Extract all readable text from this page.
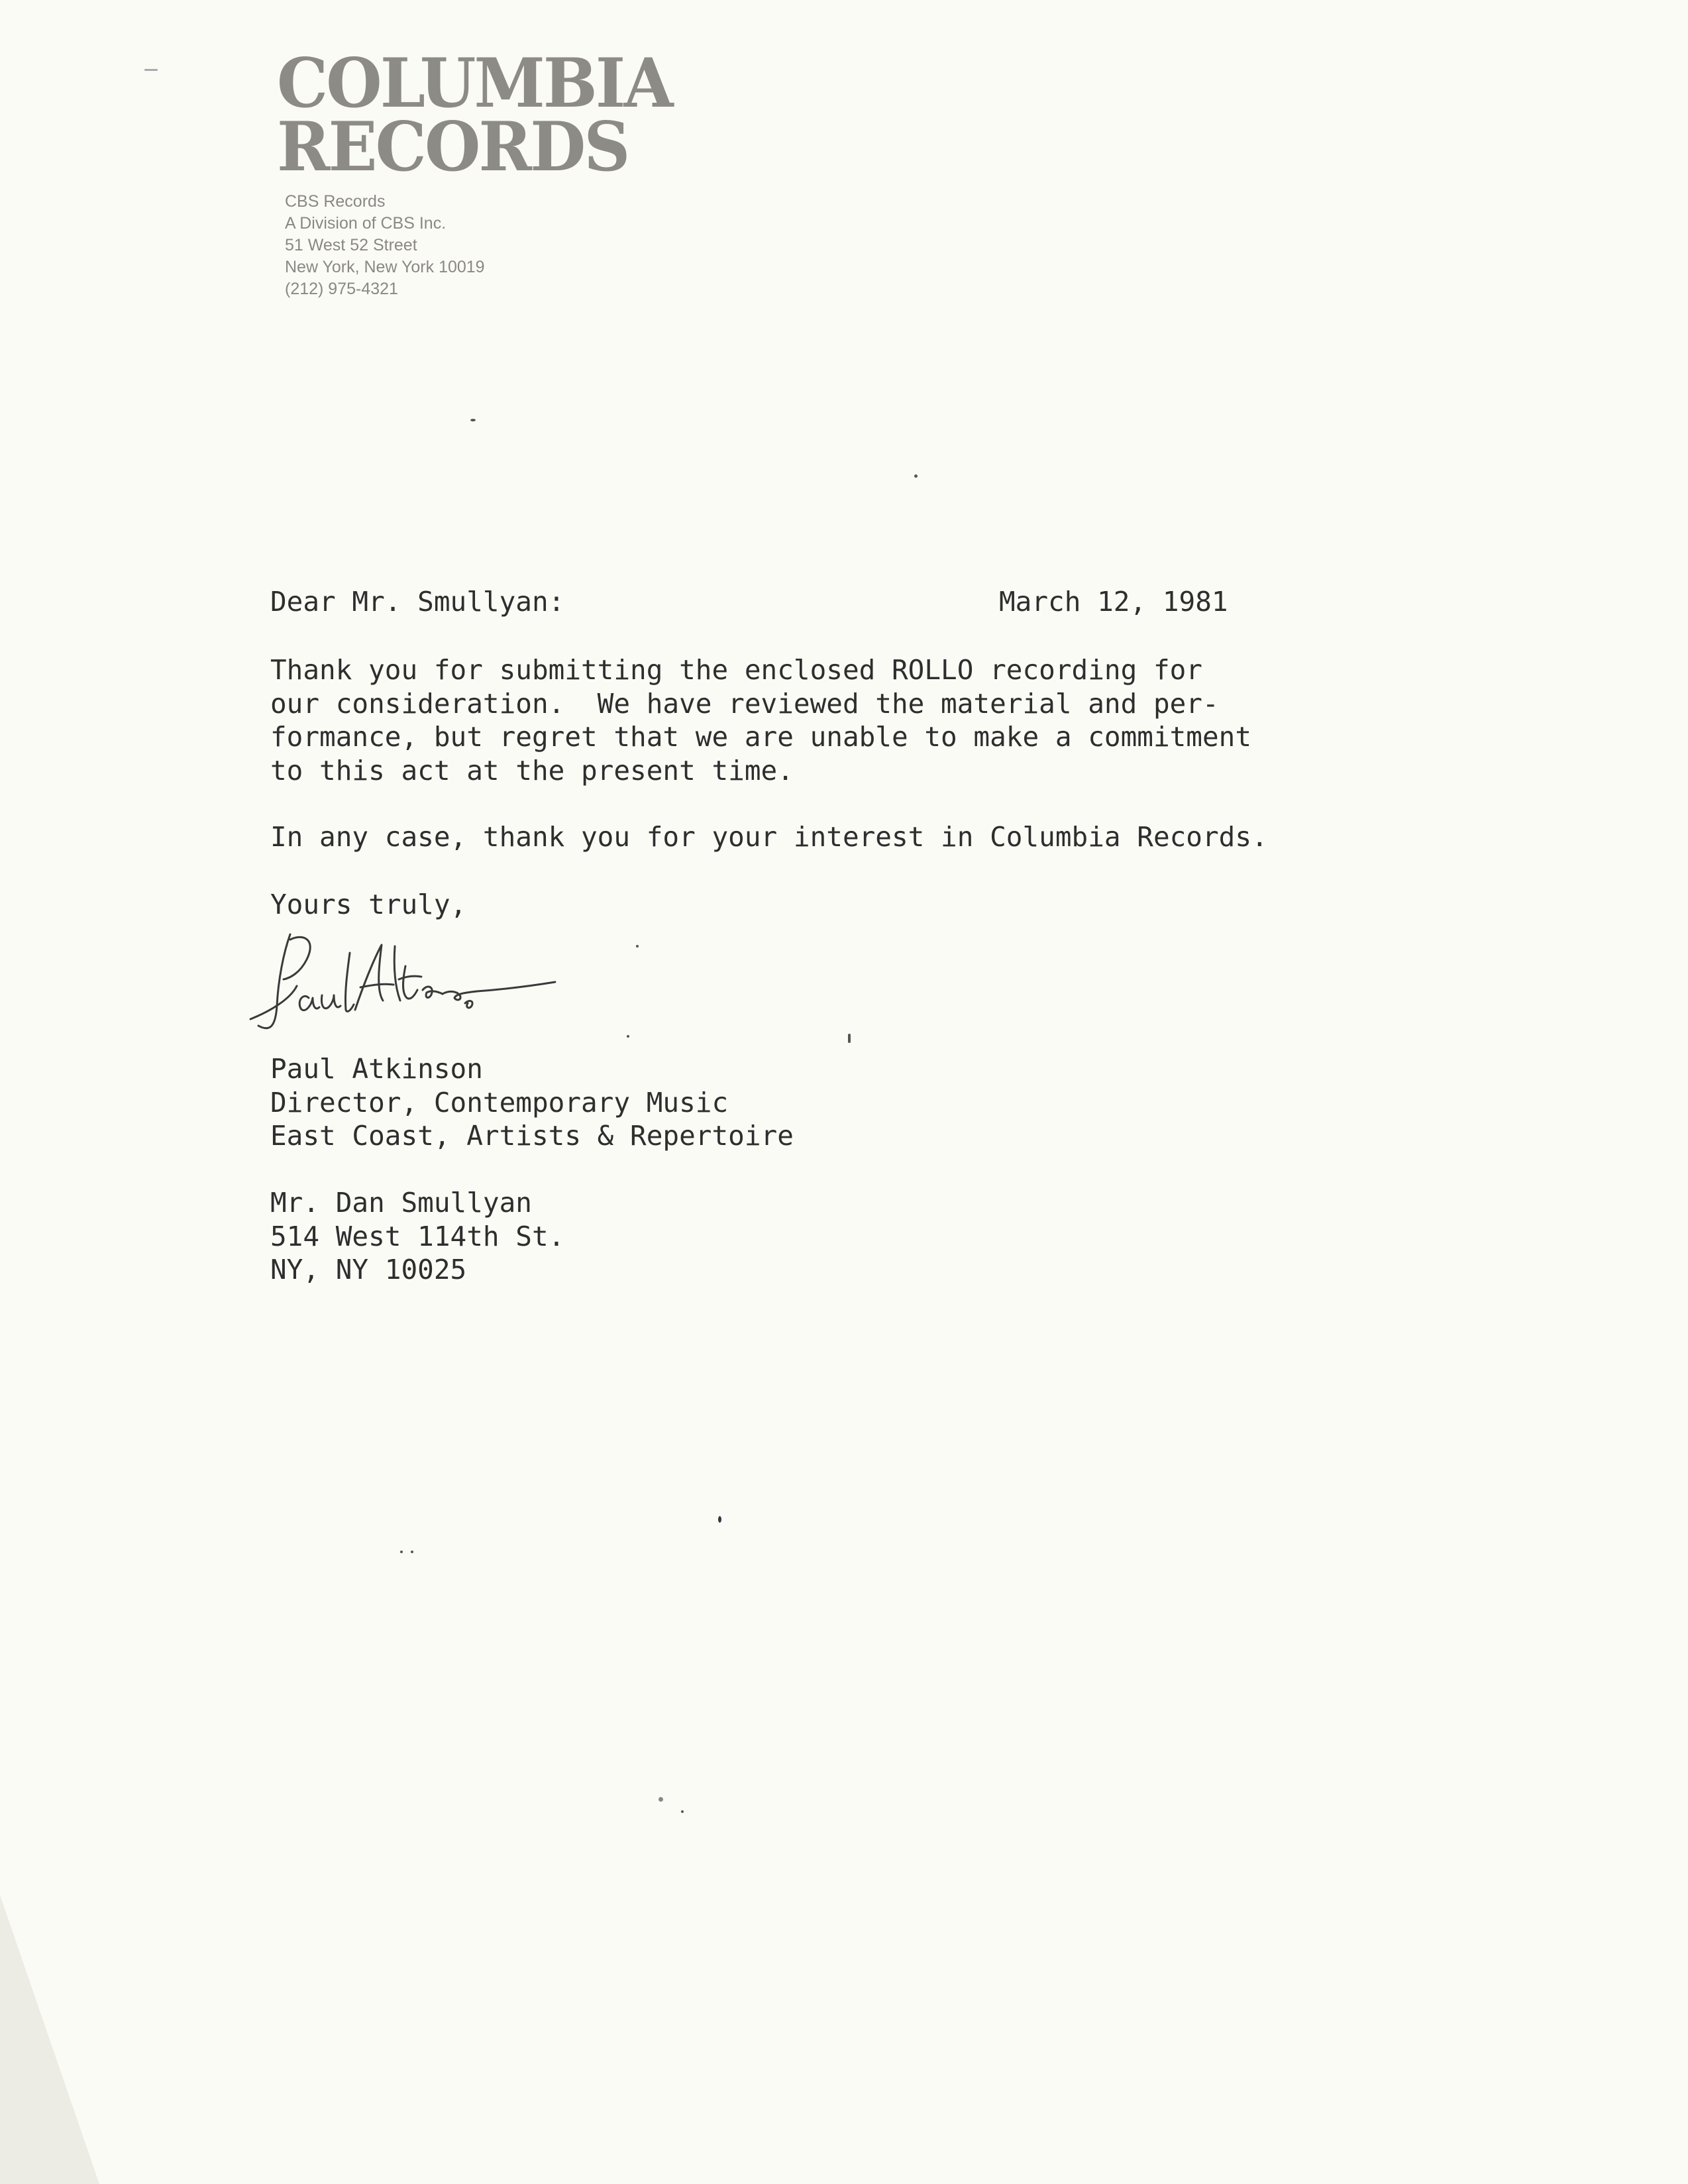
COLUMBIA
RECORDS
CBS Records
A Division of CBS Inc.
51 West 52 Street
New York, New York 10019
(212) 975-4321
Dear Mr. Smullyan:	March 12, 1981
Thank you for submitting the enclosed ROLLO recording for
our consideration.  We have reviewed the material and per-
formance, but regret that we are unable to make a commitment
to this act at the present time.
In any case, thank you for your interest in Columbia Records.
Yours truly,
Paul Atkinson
Director, Contemporary Music
East Coast, Artists & Repertoire
Mr. Dan Smullyan
514 West 114th St.
NY, NY 10025
